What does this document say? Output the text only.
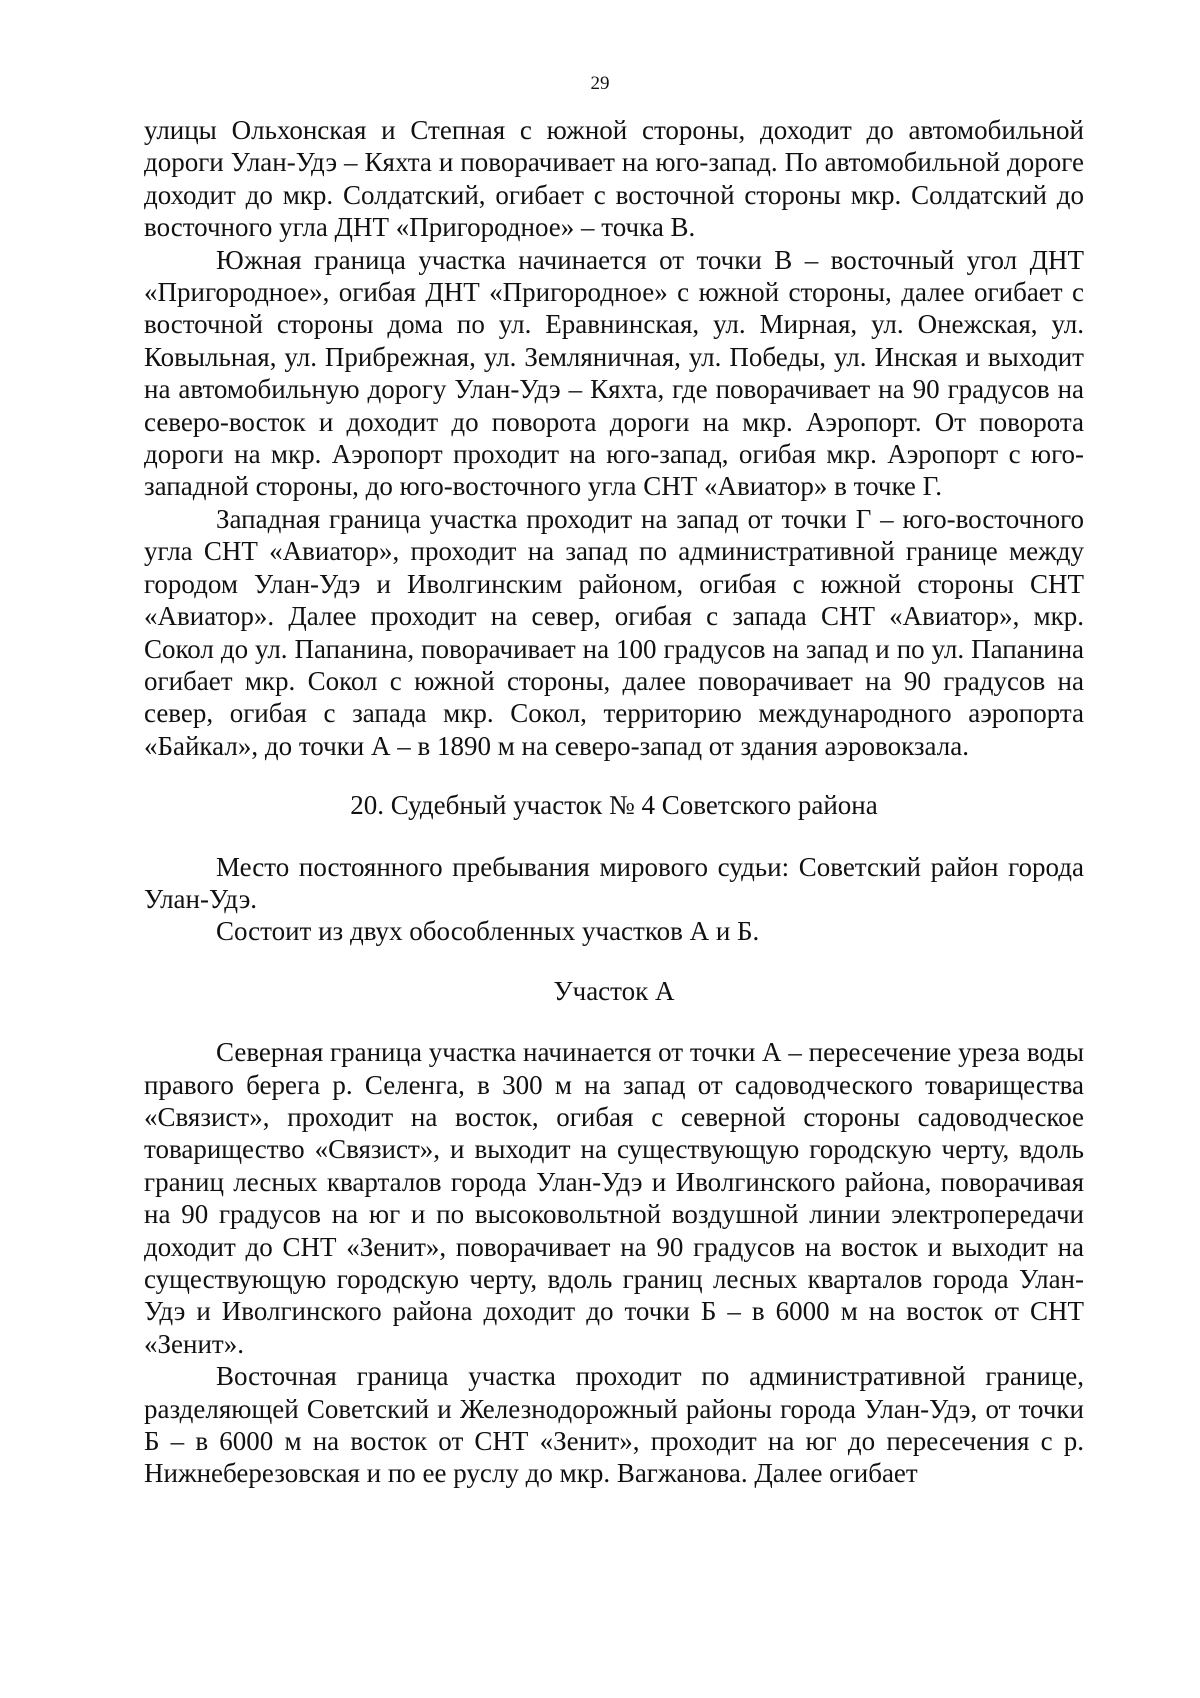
29

улицы Ольхонская и Степная с южной стороны, доходит до автомобильной дороги Улан-Удэ – Кяхта и поворачивает на юго-запад. По автомобильной дороге доходит до мкр. Солдатский, огибает с восточной стороны мкр. Солдатский до восточного угла ДНТ «Пригородное» – точка В.

Южная граница участка начинается от точки В – восточный угол ДНТ «Пригородное», огибая ДНТ «Пригородное» с южной стороны, далее огибает с восточной стороны дома по ул. Еравнинская, ул. Мирная, ул. Онежская, ул. Ковыльная, ул. Прибрежная, ул. Земляничная, ул. Победы, ул. Инская и выходит на автомобильную дорогу Улан-Удэ – Кяхта, где поворачивает на 90 градусов на северо-восток и доходит до поворота дороги на мкр. Аэропорт. От поворота дороги на мкр. Аэропорт проходит на юго-запад, огибая мкр. Аэропорт с юго-западной стороны, до юго-восточного угла СНТ «Авиатор» в точке Г.

Западная граница участка проходит на запад от точки Г – юго-восточного угла СНТ «Авиатор», проходит на запад по административной границе между городом Улан-Удэ и Иволгинским районом, огибая с южной стороны СНТ «Авиатор». Далее проходит на север, огибая с запада СНТ «Авиатор», мкр. Сокол до ул. Папанина, поворачивает на 100 градусов на запад и по ул. Папанина огибает мкр. Сокол с южной стороны, далее поворачивает на 90 градусов на север, огибая с запада мкр. Сокол, территорию международного аэропорта «Байкал», до точки А – в 1890 м на северо-запад от здания аэровокзала.

20. Судебный участок № 4 Советского района

Место постоянного пребывания мирового судьи: Советский район города Улан-Удэ.

Состоит из двух обособленных участков А и Б.

Участок А

Северная граница участка начинается от точки А – пересечение уреза воды правого берега р. Селенга, в 300 м на запад от садоводческого товарищества «Связист», проходит на восток, огибая с северной стороны садоводческое товарищество «Связист», и выходит на существующую городскую черту, вдоль границ лесных кварталов города Улан-Удэ и Иволгинского района, поворачивая на 90 градусов на юг и по высоковольтной воздушной линии электропередачи доходит до СНТ «Зенит», поворачивает на 90 градусов на восток и выходит на существующую городскую черту, вдоль границ лесных кварталов города Улан-Удэ и Иволгинского района доходит до точки Б – в 6000 м на восток от СНТ «Зенит».

Восточная граница участка проходит по административной границе, разделяющей Советский и Железнодорожный районы города Улан-Удэ, от точки Б – в 6000 м на восток от СНТ «Зенит», проходит на юг до пересечения с р. Нижнеберезовская и по ее руслу до мкр. Вагжанова. Далее огибает
